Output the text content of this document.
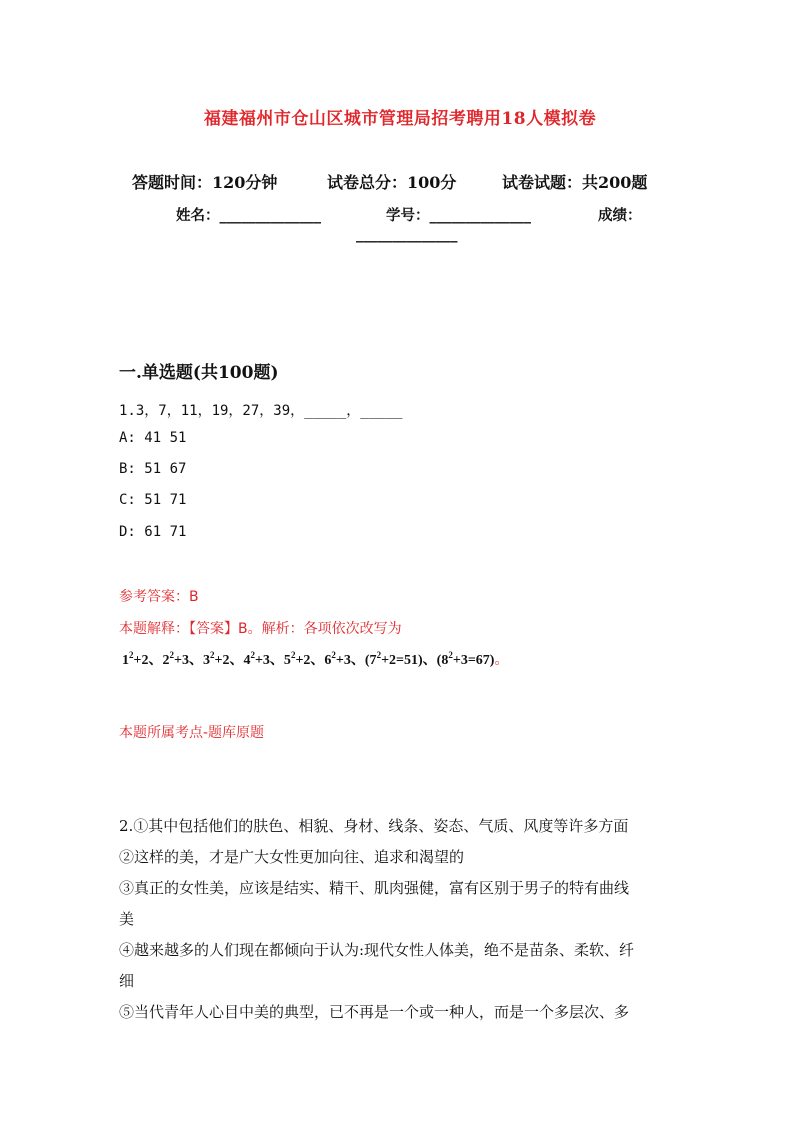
福建福州市仓山区城市管理局招考聘用18人模拟卷
答题时间：120分钟	试卷总分：100分	试卷试题：共200题
姓名：______________	学号：______________	成绩：
______________
一.单选题(共100题)
1.3，7，11，19，27，39，_____，_____
A: 41 51
B: 51 67
C: 51 71
D: 61 71
参考答案：B
本题解释：【答案】B。解析：各项依次改写为
$1^2+2$、$2^2+3$、$3^2+2$、$4^2+3$、$5^2+2$、$6^2+3$、$(7^2+2=51)$、$(8^2+3=67)$。
本题所属考点-题库原题
2.①其中包括他们的肤色、相貌、身材、线条、姿态、气质、风度等许多方面
②这样的美，才是广大女性更加向往、追求和渴望的
③真正的女性美，应该是结实、精干、肌肉强健，富有区别于男子的特有曲线
美
④越来越多的人们现在都倾向于认为:现代女性人体美，绝不是苗条、柔软、纤
细
⑤当代青年人心目中美的典型，已不再是一个或一种人，而是一个多层次、多
